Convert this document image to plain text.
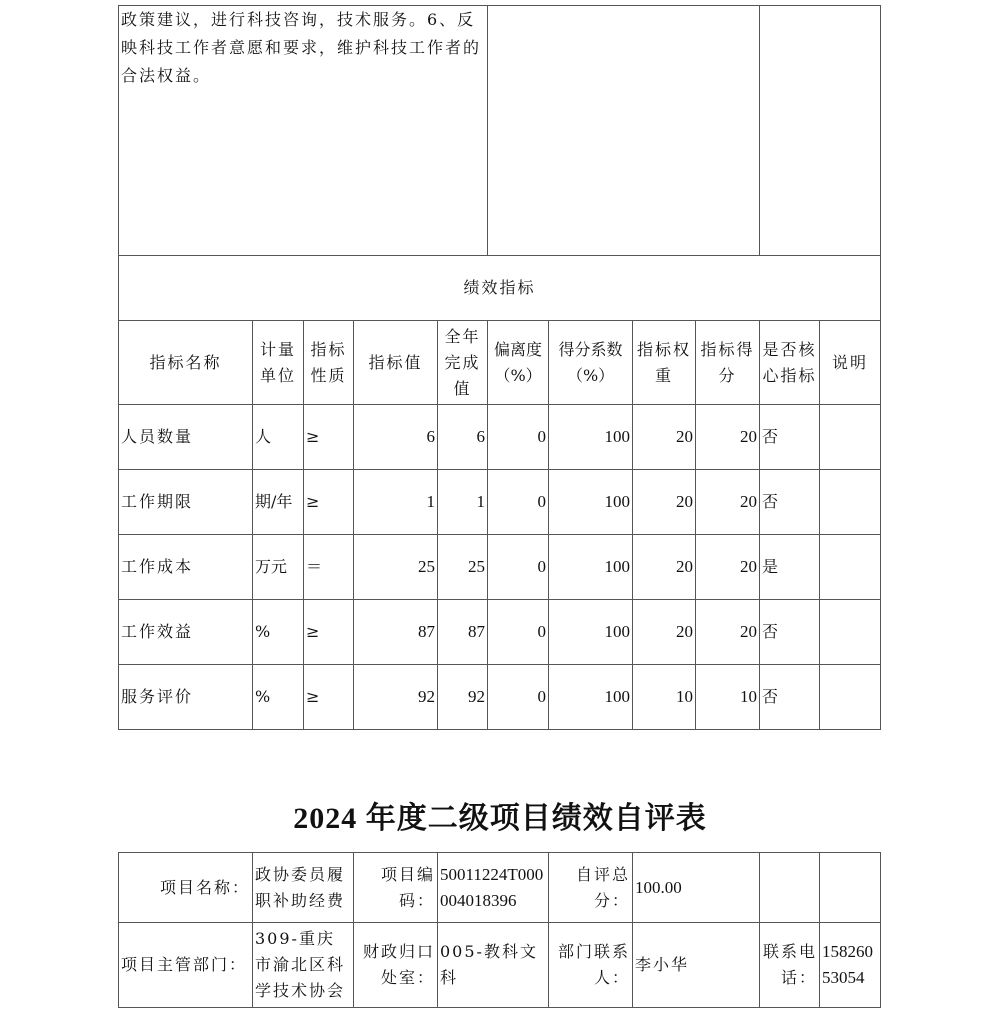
政策建议，进行科技咨询，技术服务。6、反映科技工作者意愿和要求，维护科技工作者的合法权益。										
绩效指标										
指标名称	计量单位	指标性质	指标值	全年完成值	偏离度（%）	得分系数（%）	指标权重	指标得分	是否核心指标	说明
人员数量	人	≥	6	6	0	100	20	20	否	
工作期限	期/年	≥	1	1	0	100	20	20	否	
工作成本	万元	＝	25	25	0	100	20	20	是	
工作效益	%	≥	87	87	0	100	20	20	否	
服务评价	%	≥	92	92	0	100	10	10	否	
2024 年度二级项目绩效自评表
项目名称：	政协委员履职补助经费	项目编码：	50011224T000004018396	自评总分：	100.00		
项目主管部门：	309-重庆市渝北区科学技术协会	财政归口处室：	005-教科文科	部门联系人：	李小华	联系电话：	15826053054
